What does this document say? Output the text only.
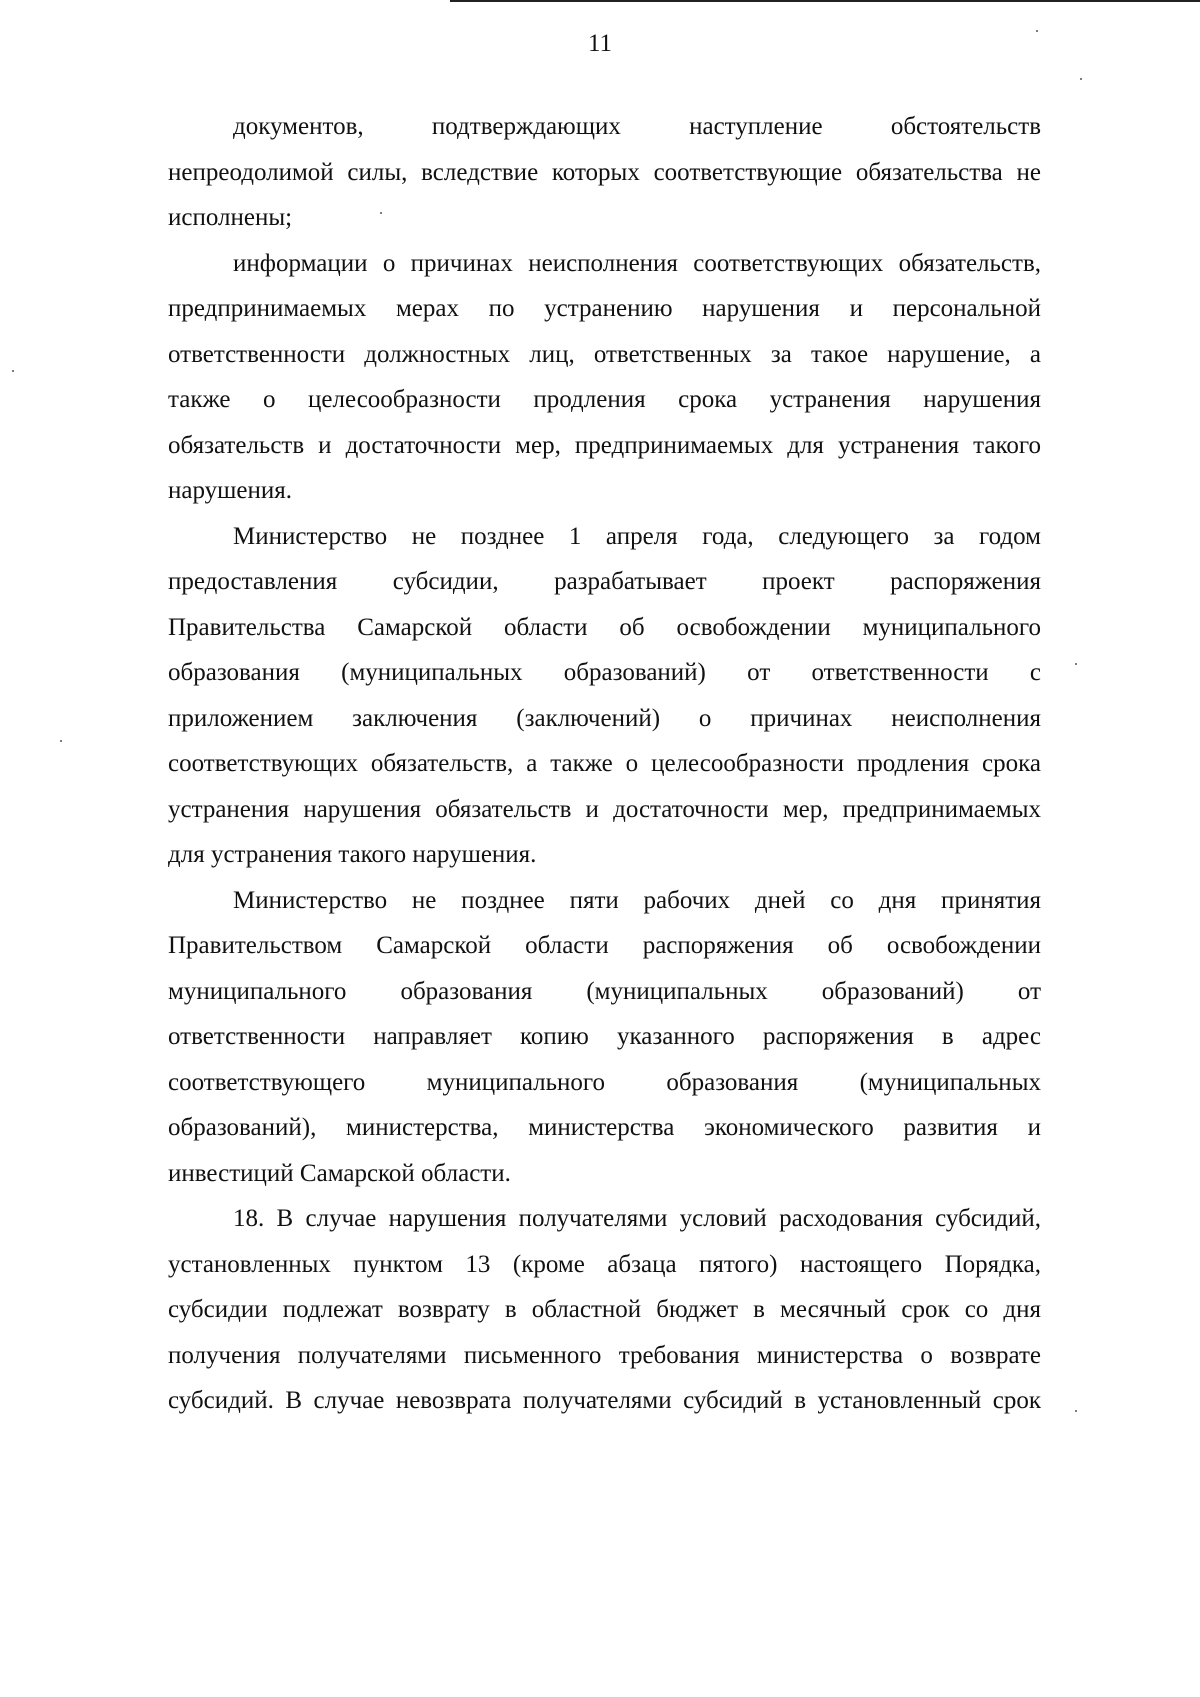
11
документов, подтверждающих наступление обстоятельств
непреодолимой силы, вследствие которых соответствующие обязательства не
исполнены;
информации о причинах неисполнения соответствующих обязательств,
предпринимаемых мерах по устранению нарушения и персональной
ответственности должностных лиц, ответственных за такое нарушение, а
также о целесообразности продления срока устранения нарушения
обязательств и достаточности мер, предпринимаемых для устранения такого
нарушения.
Министерство не позднее 1 апреля года, следующего за годом
предоставления субсидии, разрабатывает проект распоряжения
Правительства Самарской области об освобождении муниципального
образования (муниципальных образований) от ответственности с
приложением заключения (заключений) о причинах неисполнения
соответствующих обязательств, а также о целесообразности продления срока
устранения нарушения обязательств и достаточности мер, предпринимаемых
для устранения такого нарушения.
Министерство не позднее пяти рабочих дней со дня принятия
Правительством Самарской области распоряжения об освобождении
муниципального образования (муниципальных образований) от
ответственности направляет копию указанного распоряжения в адрес
соответствующего муниципального образования (муниципальных
образований), министерства, министерства экономического развития и
инвестиций Самарской области.
18. В случае нарушения получателями условий расходования субсидий,
установленных пунктом 13 (кроме абзаца пятого) настоящего Порядка,
субсидии подлежат возврату в областной бюджет в месячный срок со дня
получения получателями письменного требования министерства о возврате
субсидий. В случае невозврата получателями субсидий в установленный срок
